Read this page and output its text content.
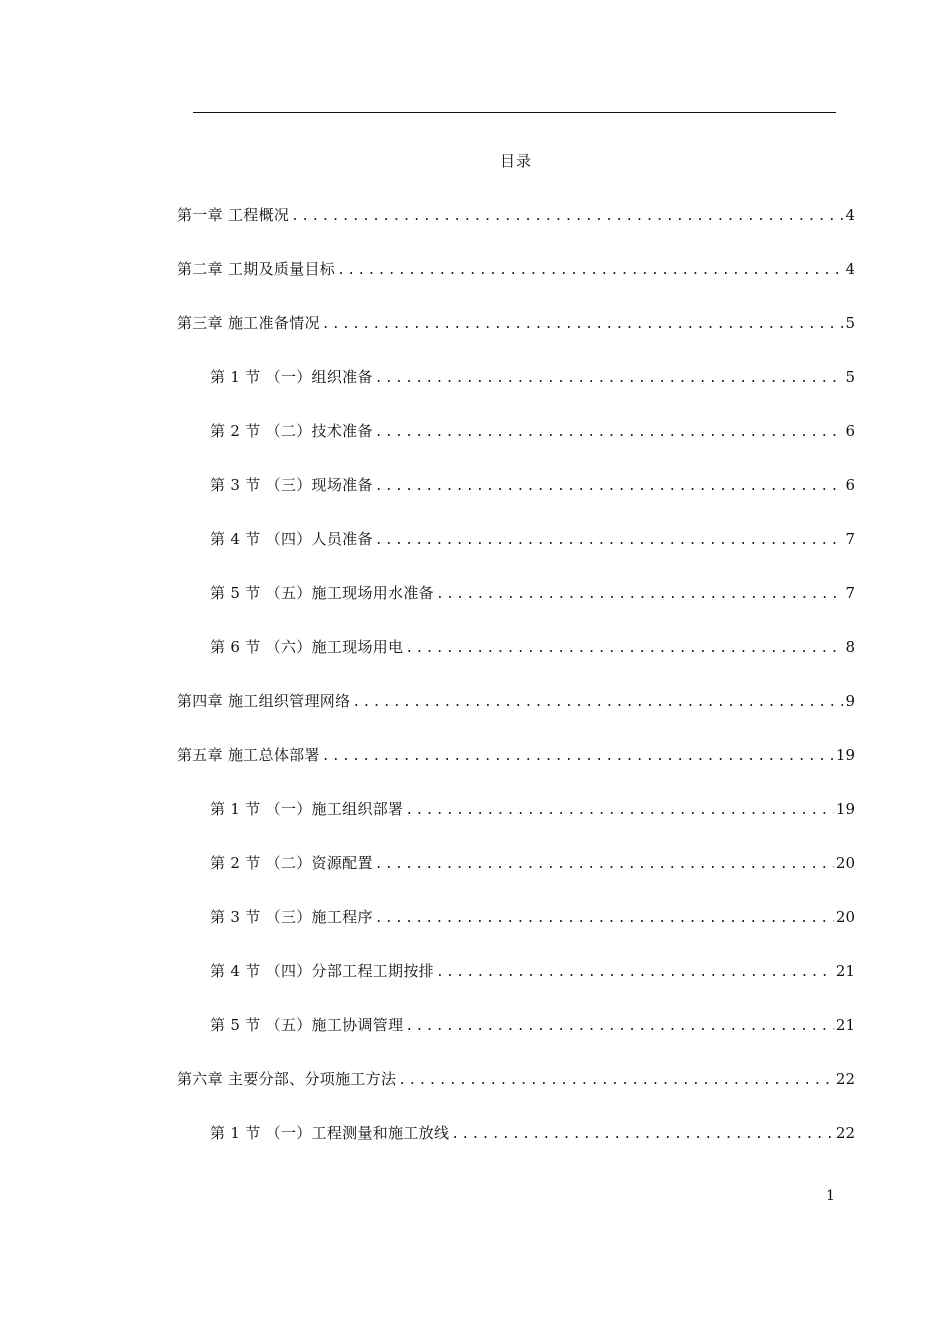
目录
第一章 工程概况 .....	4
第二章 工期及质量目标 .....	4
第三章 施工准备情况 .....	5
第 1 节 （一）组织准备 .....	5
第 2 节 （二）技术准备 .....	6
第 3 节 （三）现场准备 .....	6
第 4 节 （四）人员准备 .....	7
第 5 节 （五）施工现场用水准备 .....	7
第 6 节 （六）施工现场用电 .....	8
第四章 施工组织管理网络 .....	9
第五章 施工总体部署 .....	19
第 1 节 （一）施工组织部署 .....	19
第 2 节 （二）资源配置 .....	20
第 3 节 （三）施工程序 .....	20
第 4 节 （四）分部工程工期按排 .....	21
第 5 节 （五）施工协调管理 .....	21
第六章 主要分部、分项施工方法 .....	22
第 1 节 （一）工程测量和施工放线 .....	22
1
